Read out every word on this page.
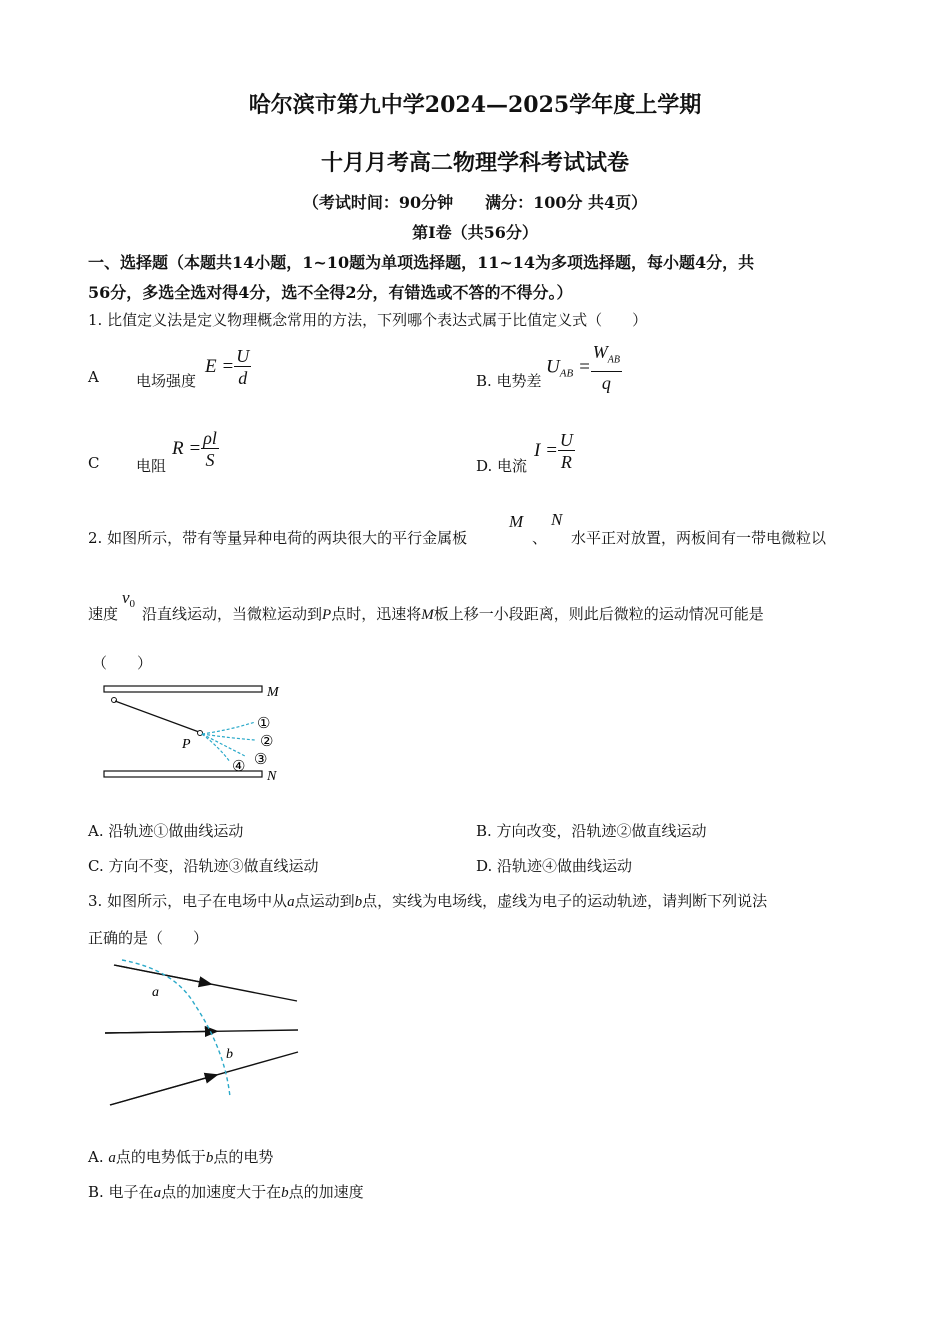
哈尔滨市第九中学2024—2025学年度上学期
十月月考高二物理学科考试试卷
（考试时间：90分钟　　满分：100分 共4页）
第Ⅰ卷（共56分）
一、选择题（本题共14小题，1~10题为单项选择题，11~14为多项选择题，每小题4分，共
56分，多选全选对得4分，选不全得2分，有错选或不答的不得分。）
1. 比值定义法是定义物理概念常用的方法，下列哪个表达式属于比值定义式（　　）
A 电场强度
$E = \frac{U}{d}$	B. 电势差
$U_{AB} = \frac{W_{AB}}{q}$
C 电阻
$R = \frac{\rho l}{S}$	D. 电流
$I = \frac{U}{R}$
2. 如图所示，带有等量异种电荷的两块很大的平行金属板
M
、
N
水平正对放置，两板间有一带电微粒以
速度
$v_0$
沿直线运动，当微粒运动到P点时，迅速将M板上移一小段距离，则此后微粒的运动情况可能是
（　　）
M
N
P
①
②
③
④
A. 沿轨迹①做曲线运动	B. 方向改变，沿轨迹②做直线运动
C. 方向不变，沿轨迹③做直线运动	D. 沿轨迹④做曲线运动
3. 如图所示，电子在电场中从a点运动到b点，实线为电场线，虚线为电子的运动轨迹，请判断下列说法
正确的是（　　）
a
b
A. a点的电势低于b点的电势
B. 电子在a点的加速度大于在b点的加速度
